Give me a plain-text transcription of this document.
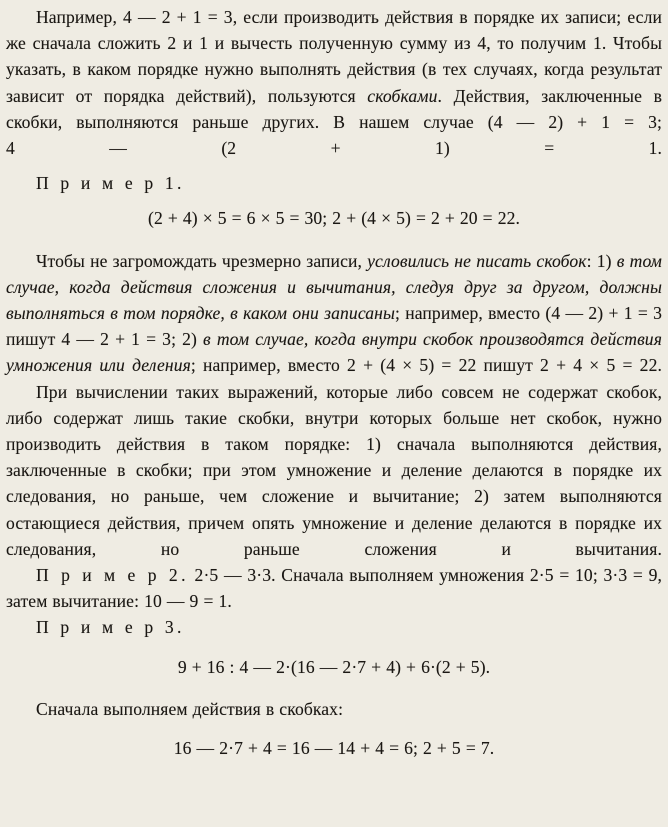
Например, 4 — 2 + 1 = 3, если производить действия в порядке их записи; если же сначала сложить 2 и 1 и вычесть полученную сумму из 4, то получим 1. Чтобы указать, в каком порядке нужно выполнять действия (в тех случаях, когда результат зависит от порядка действий), пользуются скобками. Действия, заключенные в скобки, выполняются раньше других. В нашем случае (4 — 2) + 1 = 3; 4 — (2 + 1) = 1.

П р и м е р 1.

(2 + 4) × 5 = 6 × 5 = 30; 2 + (4 × 5) = 2 + 20 = 22.

Чтобы не загромождать чрезмерно записи, условились не писать скобок: 1) в том случае, когда действия сложения и вычитания, следуя друг за другом, должны выполняться в том порядке, в каком они записаны; например, вместо (4 — 2) + 1 = 3 пишут 4 — 2 + 1 = 3; 2) в том случае, когда внутри скобок производятся действия умножения или деления; например, вместо 2 + (4 × 5) = 22 пишут 2 + 4 × 5 = 22.

При вычислении таких выражений, которые либо совсем не содержат скобок, либо содержат лишь такие скобки, внутри которых больше нет скобок, нужно производить действия в таком порядке: 1) сначала выполняются действия, заключенные в скобки; при этом умножение и деление делаются в порядке их следования, но раньше, чем сложение и вычитание; 2) затем выполняются остающиеся действия, причем опять умножение и деление делаются в порядке их следования, но раньше сложения и вычитания.

П р и м е р 2. 2·5 — 3·3. Сначала выполняем умножения 2·5 = 10; 3·3 = 9, затем вычитание: 10 — 9 = 1.

П р и м е р 3.

9 + 16 : 4 — 2·(16 — 2·7 + 4) + 6·(2 + 5).

Сначала выполняем действия в скобках:

16 — 2·7 + 4 = 16 — 14 + 4 = 6; 2 + 5 = 7.
